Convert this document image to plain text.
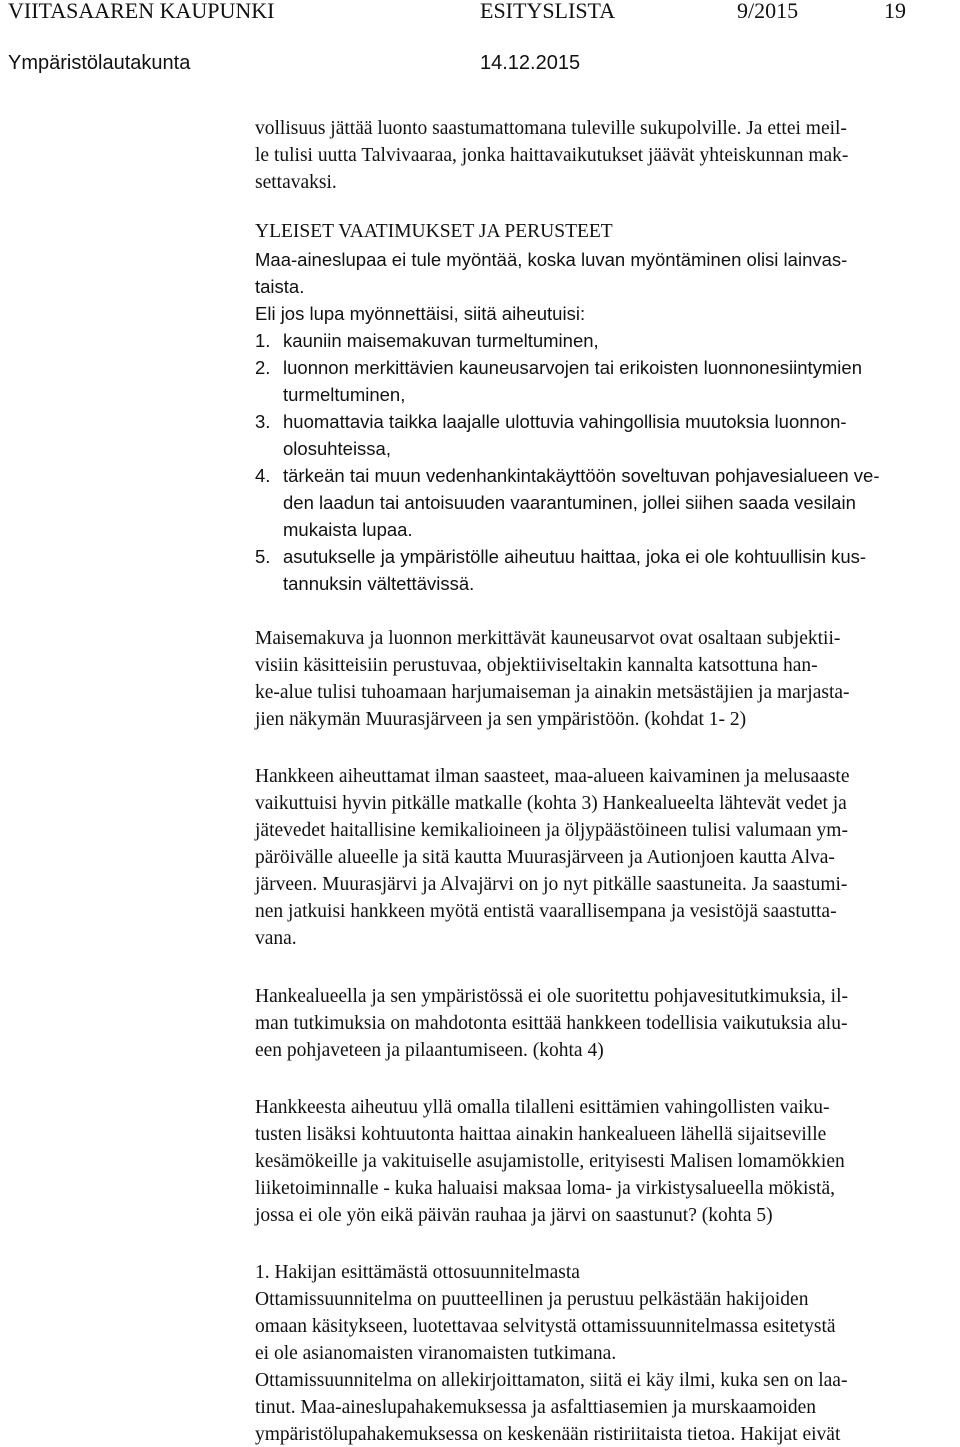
VIITASAAREN KAUPUNKI	ESITYSLISTA	9/2015	19
Ympäristölautakunta	14.12.2015
vollisuus jättää luonto saastumattomana tuleville sukupolville. Ja ettei meil-
le tulisi uutta Talvivaaraa, jonka haittavaikutukset jäävät yhteiskunnan mak-
settavaksi.
YLEISET VAATIMUKSET JA PERUSTEET
Maa-aineslupaa ei tule myöntää, koska luvan myöntäminen olisi lainvas-
taista.
Eli jos lupa myönnettäisi, siitä aiheutuisi:
1. kauniin maisemakuvan turmeltuminen,
2. luonnon merkittävien kauneusarvojen tai erikoisten luonnonesiintymien
turmeltuminen,
3. huomattavia taikka laajalle ulottuvia vahingollisia muutoksia luonnon-
olosuhteissa,
4. tärkeän tai muun vedenhankintakäyttöön soveltuvan pohjavesialueen ve-
den laadun tai antoisuuden vaarantuminen, jollei siihen saada vesilain
mukaista lupaa.
5. asutukselle ja ympäristölle aiheutuu haittaa, joka ei ole kohtuullisin kus-
tannuksin vältettävissä.
Maisemakuva ja luonnon merkittävät kauneusarvot ovat osaltaan subjektii-
visiin käsitteisiin perustuvaa, objektiiviseltakin kannalta katsottuna han-
ke-alue tulisi tuhoamaan harjumaiseman ja ainakin metsästäjien ja marjasta-
jien näkymän Muurasjärveen ja sen ympäristöön. (kohdat 1- 2)
Hankkeen aiheuttamat ilman saasteet, maa-alueen kaivaminen ja melusaaste
vaikuttuisi hyvin pitkälle matkalle (kohta 3) Hankealueelta lähtevät vedet ja
jätevedet haitallisine kemikalioineen ja öljypäästöineen tulisi valumaan ym-
päröivälle alueelle ja sitä kautta Muurasjärveen ja Autionjoen kautta Alva-
järveen. Muurasjärvi ja Alvajärvi on jo nyt pitkälle saastuneita. Ja saastumi-
nen jatkuisi hankkeen myötä entistä vaarallisempana ja vesistöjä saastutta-
vana.
Hankealueella ja sen ympäristössä ei ole suoritettu pohjavesitutkimuksia, il-
man tutkimuksia on mahdotonta esittää hankkeen todellisia vaikutuksia alu-
een pohjaveteen ja pilaantumiseen. (kohta 4)
Hankkeesta aiheutuu yllä omalla tilalleni esittämien vahingollisten vaiku-
tusten lisäksi kohtuutonta haittaa ainakin hankealueen lähellä sijaitseville
kesämökeille ja vakituiselle asujamistolle, erityisesti Malisen lomamökkien
liiketoiminnalle - kuka haluaisi maksaa loma- ja virkistysalueella mökistä,
jossa ei ole yön eikä päivän rauhaa ja järvi on saastunut? (kohta 5)
1. Hakijan esittämästä ottosuunnitelmasta
Ottamissuunnitelma on puutteellinen ja perustuu pelkästään hakijoiden
omaan käsitykseen, luotettavaa selvitystä ottamissuunnitelmassa esitetystä
ei ole asianomaisten viranomaisten tutkimana.
Ottamissuunnitelma on allekirjoittamaton, siitä ei käy ilmi, kuka sen on laa-
tinut. Maa-aineslupahakemuksessa ja asfalttiasemien ja murskaamoiden
ympäristölupahakemuksessa on keskenään ristiriitaista tietoa. Hakijat eivät
